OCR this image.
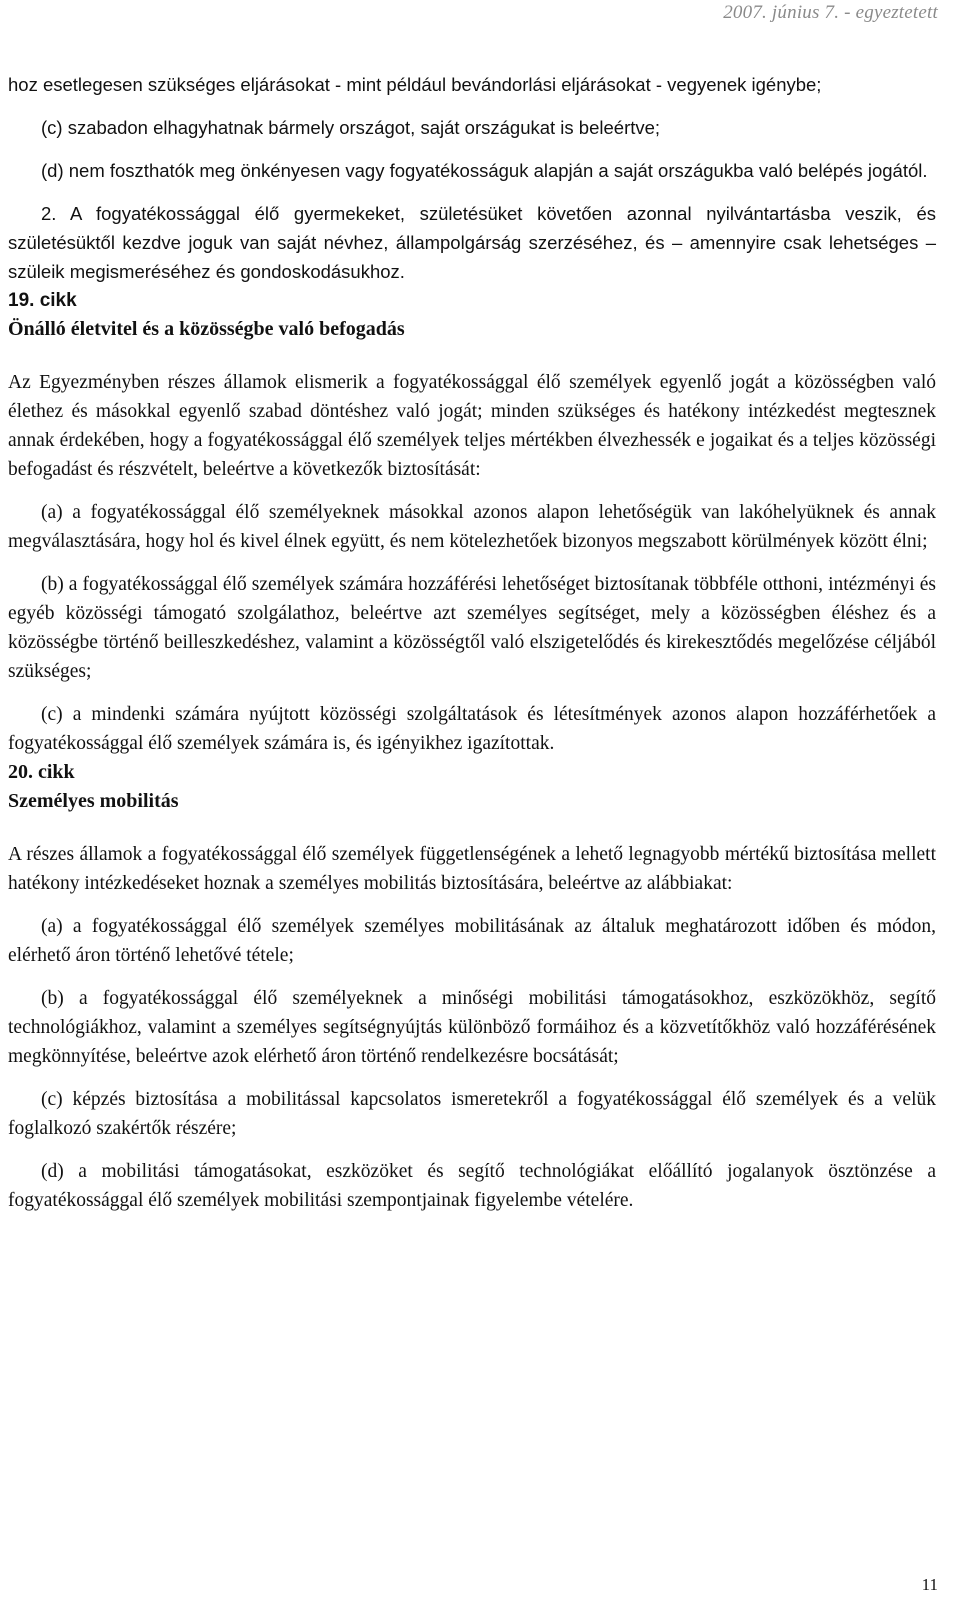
2007. június 7. - egyeztetett

hoz esetlegesen szükséges eljárásokat - mint például bevándorlási eljárásokat - vegyenek igénybe;

(c) szabadon elhagyhatnak bármely országot, saját országukat is beleértve;

(d) nem foszthatók meg önkényesen vagy fogyatékosságuk alapján a saját országukba való belépés jogától.

2. A fogyatékossággal élő gyermekeket, születésüket követően azonnal nyilvántartásba veszik, és születésüktől kezdve joguk van saját névhez, állampolgárság szerzéséhez, és – amennyire csak lehetséges – szüleik megismeréséhez és gondoskodásukhoz.

19. cikk
Önálló életvitel és a közösségbe való befogadás

Az Egyezményben részes államok elismerik a fogyatékossággal élő személyek egyenlő jogát a közösségben való élethez és másokkal egyenlő szabad döntéshez való jogát; minden szükséges és hatékony intézkedést megtesznek annak érdekében, hogy a fogyatékossággal élő személyek teljes mértékben élvezhessék e jogaikat és a teljes közösségi befogadást és részvételt, beleértve a következők biztosítását:

(a) a fogyatékossággal élő személyeknek másokkal azonos alapon lehetőségük van lakóhelyüknek és annak megválasztására, hogy hol és kivel élnek együtt, és nem kötelezhetőek bizonyos megszabott körülmények között élni;

(b) a fogyatékossággal élő személyek számára hozzáférési lehetőséget biztosítanak többféle otthoni, intézményi és egyéb közösségi támogató szolgálathoz, beleértve azt személyes segítséget, mely a közösségben éléshez és a közösségbe történő beilleszkedéshez, valamint a közösségtől való elszigetelődés és kirekesztődés megelőzése céljából szükséges;

(c) a mindenki számára nyújtott közösségi szolgáltatások és létesítmények azonos alapon hozzáférhetőek a fogyatékossággal élő személyek számára is, és igényikhez igazítottak.

20. cikk
Személyes mobilitás

A részes államok a fogyatékossággal élő személyek függetlenségének a lehető legnagyobb mértékű biztosítása mellett hatékony intézkedéseket hoznak a személyes mobilitás biztosítására, beleértve az alábbiakat:

(a) a fogyatékossággal élő személyek személyes mobilitásának az általuk meghatározott időben és módon, elérhető áron történő lehetővé tétele;

(b) a fogyatékossággal élő személyeknek a minőségi mobilitási támogatásokhoz, eszközökhöz, segítő technológiákhoz, valamint a személyes segítségnyújtás különböző formáihoz és a közvetítőkhöz való hozzáférésének megkönnyítése, beleértve azok elérhető áron történő rendelkezésre bocsátását;

(c) képzés biztosítása a mobilitással kapcsolatos ismeretekről a fogyatékossággal élő személyek és a velük foglalkozó szakértők részére;

(d) a mobilitási támogatásokat, eszközöket és segítő technológiákat előállító jogalanyok ösztönzése a fogyatékossággal élő személyek mobilitási szempontjainak figyelembe vételére.

11
